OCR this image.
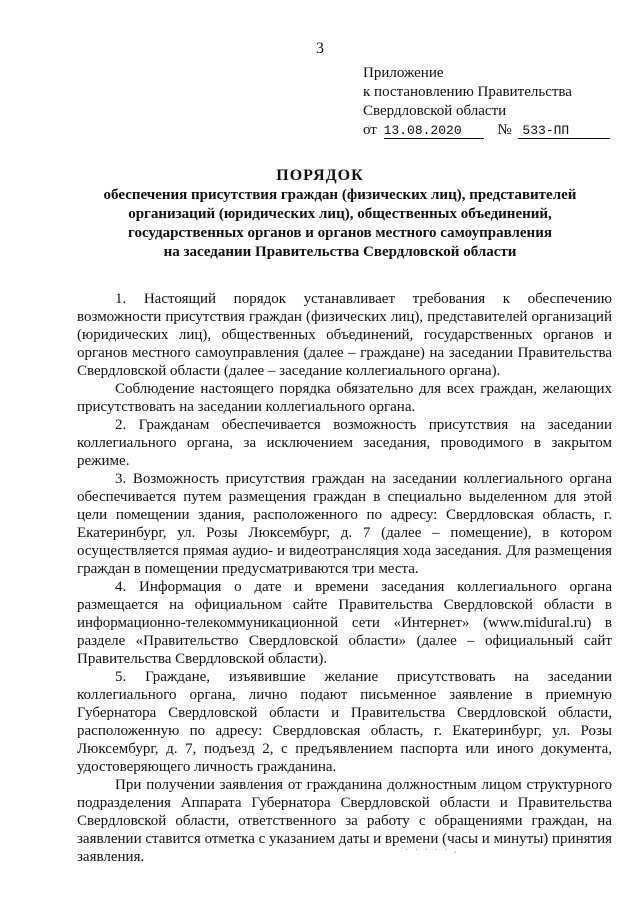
3
Приложение
к постановлению Правительства
Свердловской области
от 13.08.2020 № 533-ПП
ПОРЯДОК
обеспечения присутствия граждан (физических лиц), представителей
организаций (юридических лиц), общественных объединений,
государственных органов и органов местного самоуправления
на заседании Правительства Свердловской области

1. Настоящий порядок устанавливает требования к обеспечению возможности присутствия граждан (физических лиц), представителей организаций (юридических лиц), общественных объединений, государственных органов и органов местного самоуправления (далее – граждане) на заседании Правительства Свердловской области (далее – заседание коллегиального органа).

Соблюдение настоящего порядка обязательно для всех граждан, желающих присутствовать на заседании коллегиального органа.

2. Гражданам обеспечивается возможность присутствия на заседании коллегиального органа, за исключением заседания, проводимого в закрытом режиме.

3. Возможность присутствия граждан на заседании коллегиального органа обеспечивается путем размещения граждан в специально выделенном для этой цели помещении здания, расположенного по адресу: Свердловская область, г. Екатеринбург, ул. Розы Люксембург, д. 7 (далее – помещение), в котором осуществляется прямая аудио- и видеотрансляция хода заседания. Для размещения граждан в помещении предусматриваются три места.

4. Информация о дате и времени заседания коллегиального органа размещается на официальном сайте Правительства Свердловской области в информационно-телекоммуникационной сети «Интернет» (www.midural.ru) в разделе «Правительство Свердловской области» (далее – официальный сайт Правительства Свердловской области).

5. Граждане, изъявившие желание присутствовать на заседании коллегиального органа, лично подают письменное заявление в приемную Губернатора Свердловской области и Правительства Свердловской области, расположенную по адресу: Свердловская область, г. Екатеринбург, ул. Розы Люксембург, д. 7, подъезд 2, с предъявлением паспорта или иного документа, удостоверяющего личность гражданина.

При получении заявления от гражданина должностным лицом структурного подразделения Аппарата Губернатора Свердловской области и Правительства Свердловской области, ответственного за работу с обращениями граждан, на заявлении ставится отметка с указанием даты и времени (часы и минуты) принятия заявления.	· · · · · .
